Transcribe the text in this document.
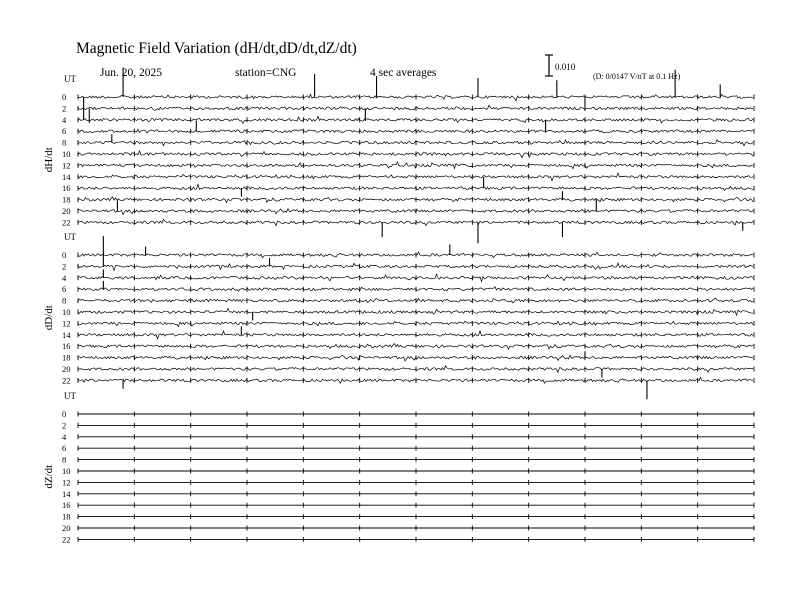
Magnetic Field Variation (dH/dt,dD/dt,dZ/dt)
Jun. 20, 2025	station=CNG	4 sec averages	0.010
(D: 0/0147 V/nT at 0.1 Hz)
UT
dH/dt
0
2
4
6
8
10
12
14
16
18
20
22
UT
dD/dt
0
2
4
6
8
10
12
14
16
18
20
22
UT
dZ/dt
0
2
4
6
8
10
12
14
16
18
20
22
